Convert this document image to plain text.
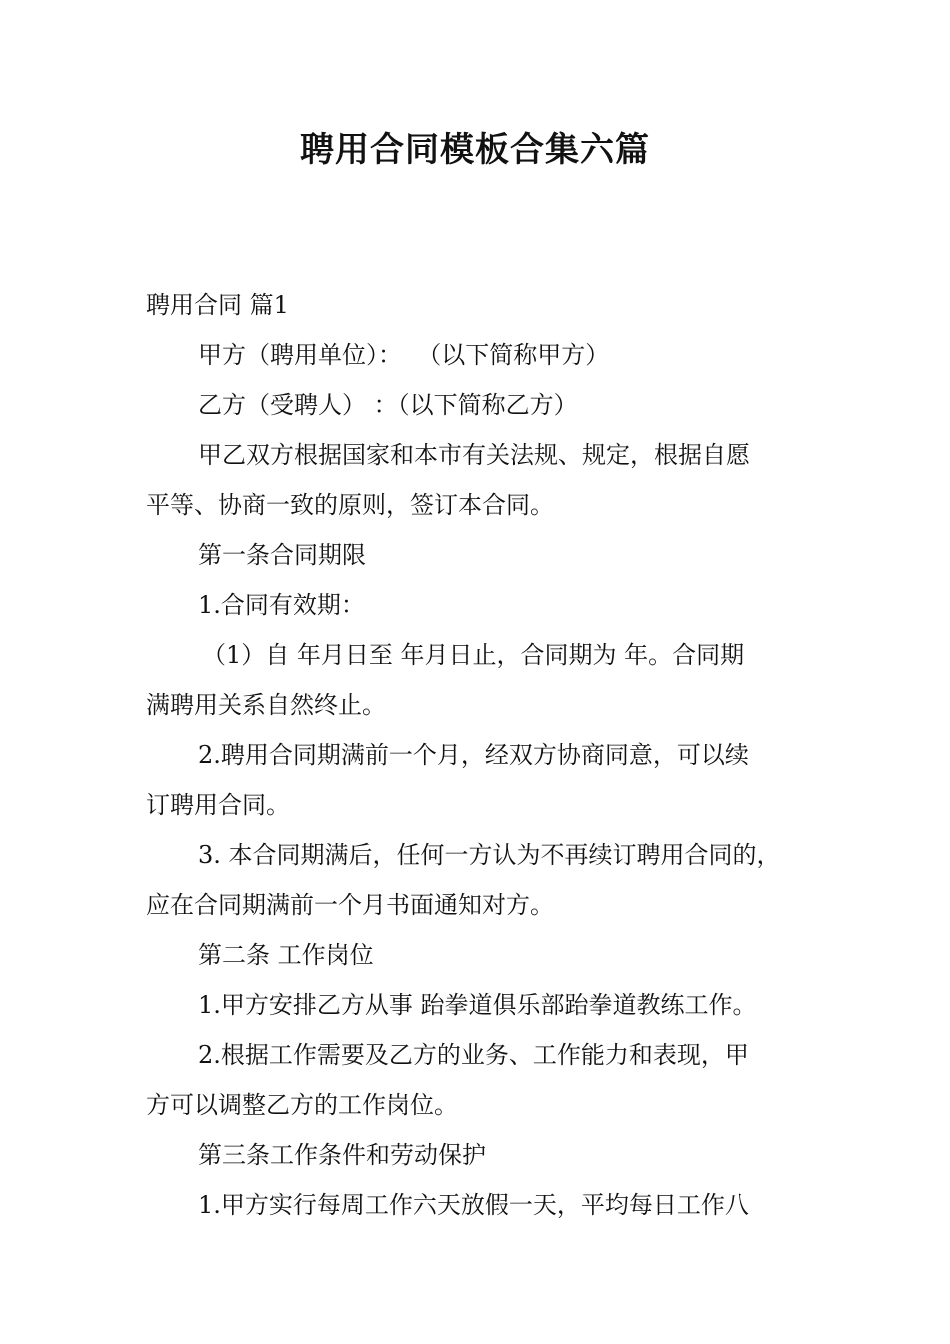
聘用合同模板合集六篇
聘用合同 篇1
甲方（聘用单位）：  （以下简称甲方）
乙方（受聘人） ：（以下简称乙方）
甲乙双方根据国家和本市有关法规、规定，根据自愿
平等、协商一致的原则，签订本合同。
第一条合同期限
1.合同有效期：
（1）自 年月日至 年月日止，合同期为 年。合同期
满聘用关系自然终止。
2.聘用合同期满前一个月，经双方协商同意，可以续
订聘用合同。
3. 本合同期满后，任何一方认为不再续订聘用合同的，
应在合同期满前一个月书面通知对方。
第二条 工作岗位
1.甲方安排乙方从事 跆拳道俱乐部跆拳道教练工作。
2.根据工作需要及乙方的业务、工作能力和表现，甲
方可以调整乙方的工作岗位。
第三条工作条件和劳动保护
1.甲方实行每周工作六天放假一天，平均每日工作八
